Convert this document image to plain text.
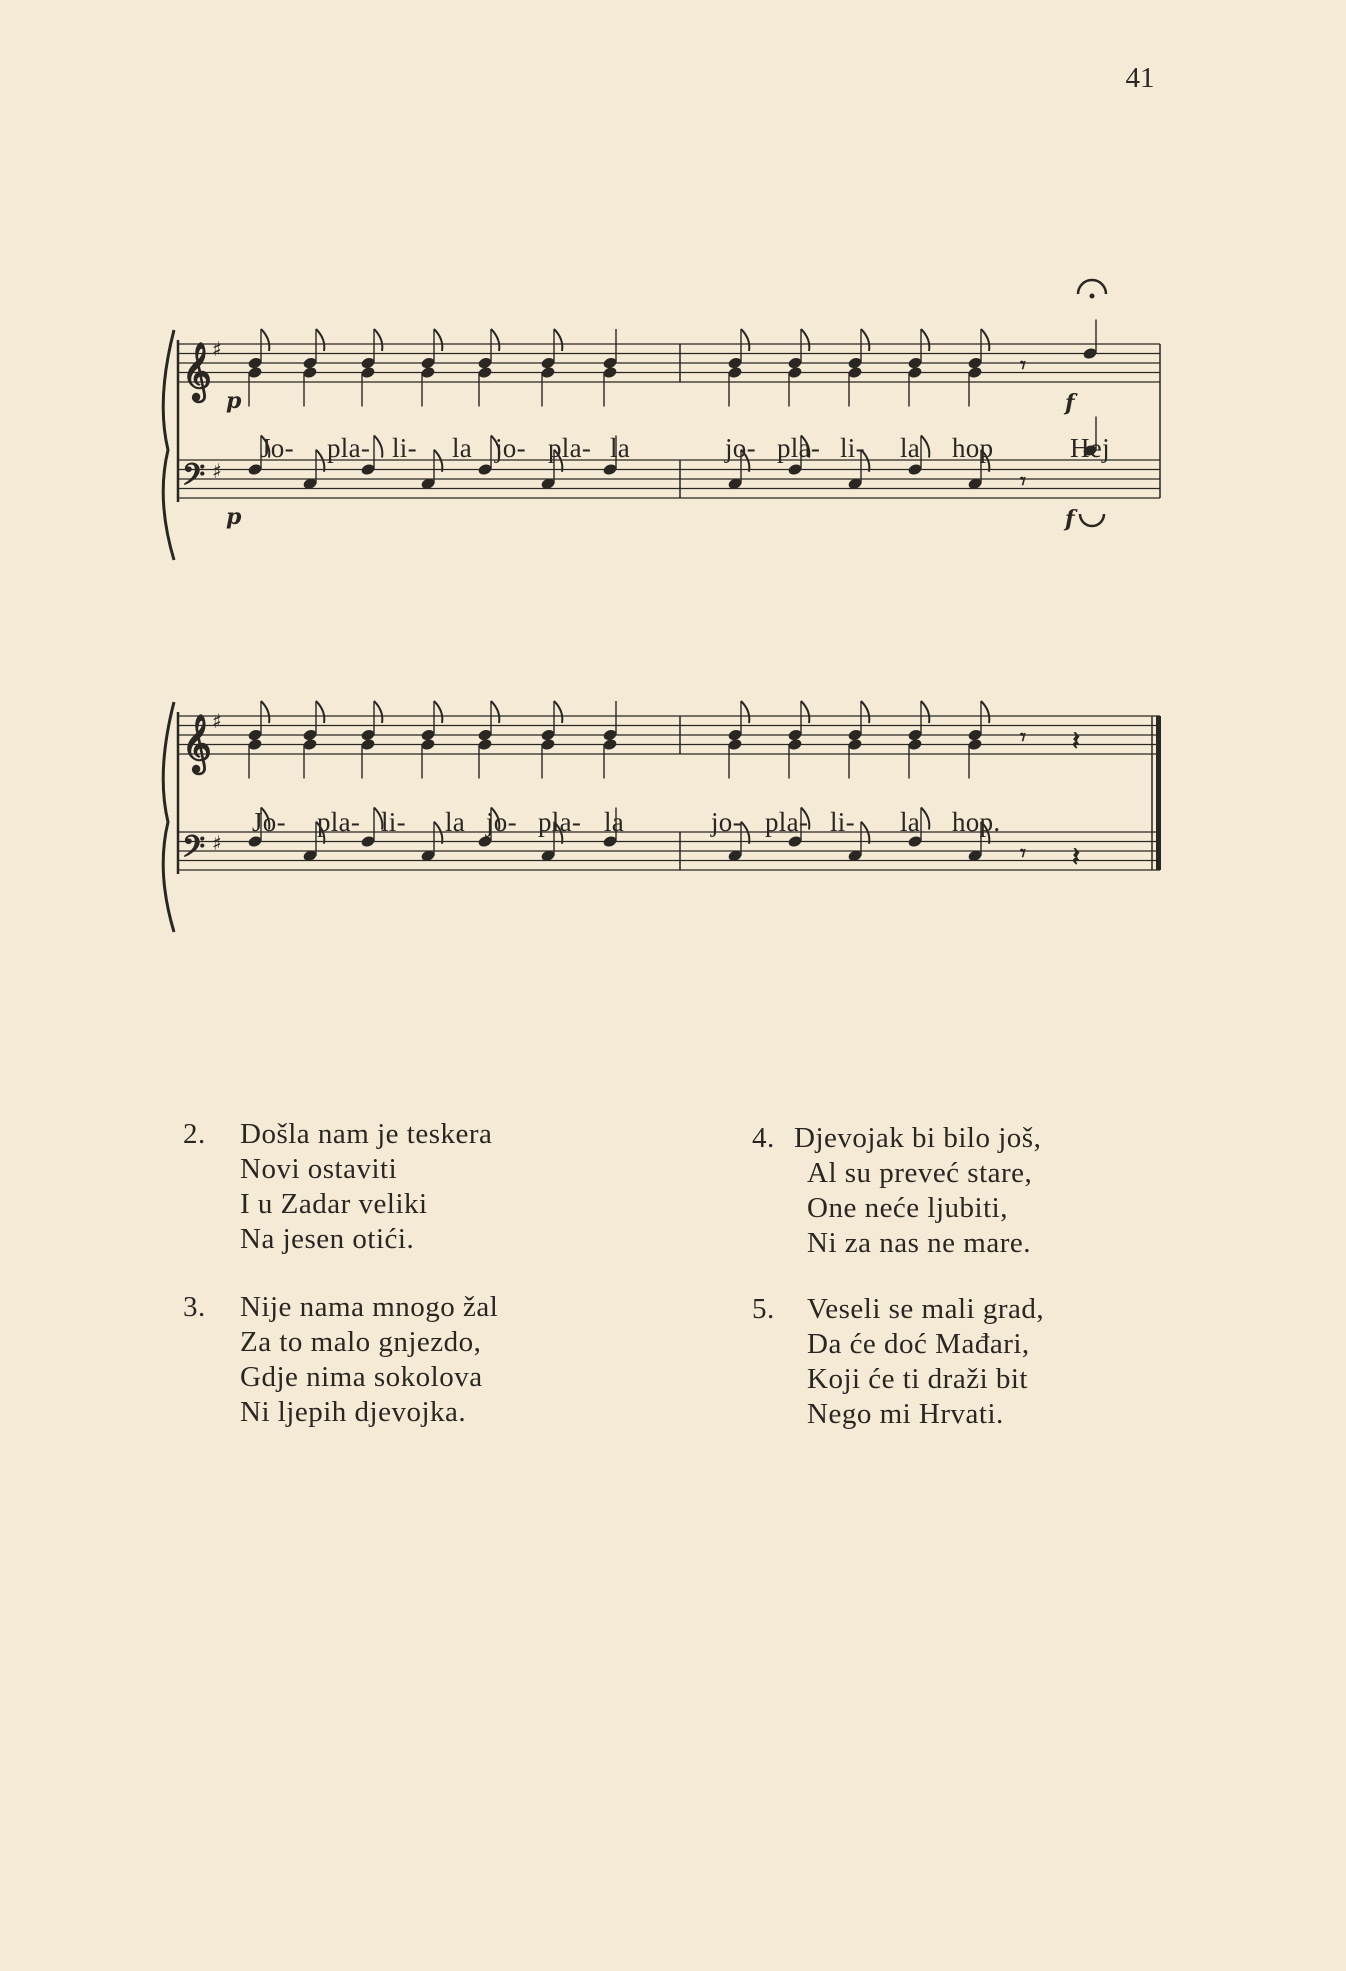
41
𝄞
𝄢
♯
♯
𝄾
𝄾
p
p
f
f
Jo- pla- li- la jo- pla- la	jo- pla- li- la hop	Hej
𝄞
𝄢
♯
♯
𝄾
𝄾
𝄽
𝄽
Jo- pla- li- la jo- pla- la	jo- pla- li- la hop.
2. Došla nam je teskera
Novi ostaviti
I u Zadar veliki
Na jesen otići.
3. Nije nama mnogo žal
Za to malo gnjezdo,
Gdje nima sokolova
Ni ljepih djevojka.
4. Djevojak bi bilo još,
Al su preveć stare,
One neće ljubiti,
Ni za nas ne mare.
5. Veseli se mali grad,
Da će doć Mađari,
Koji će ti draži bit
Nego mi Hrvati.
